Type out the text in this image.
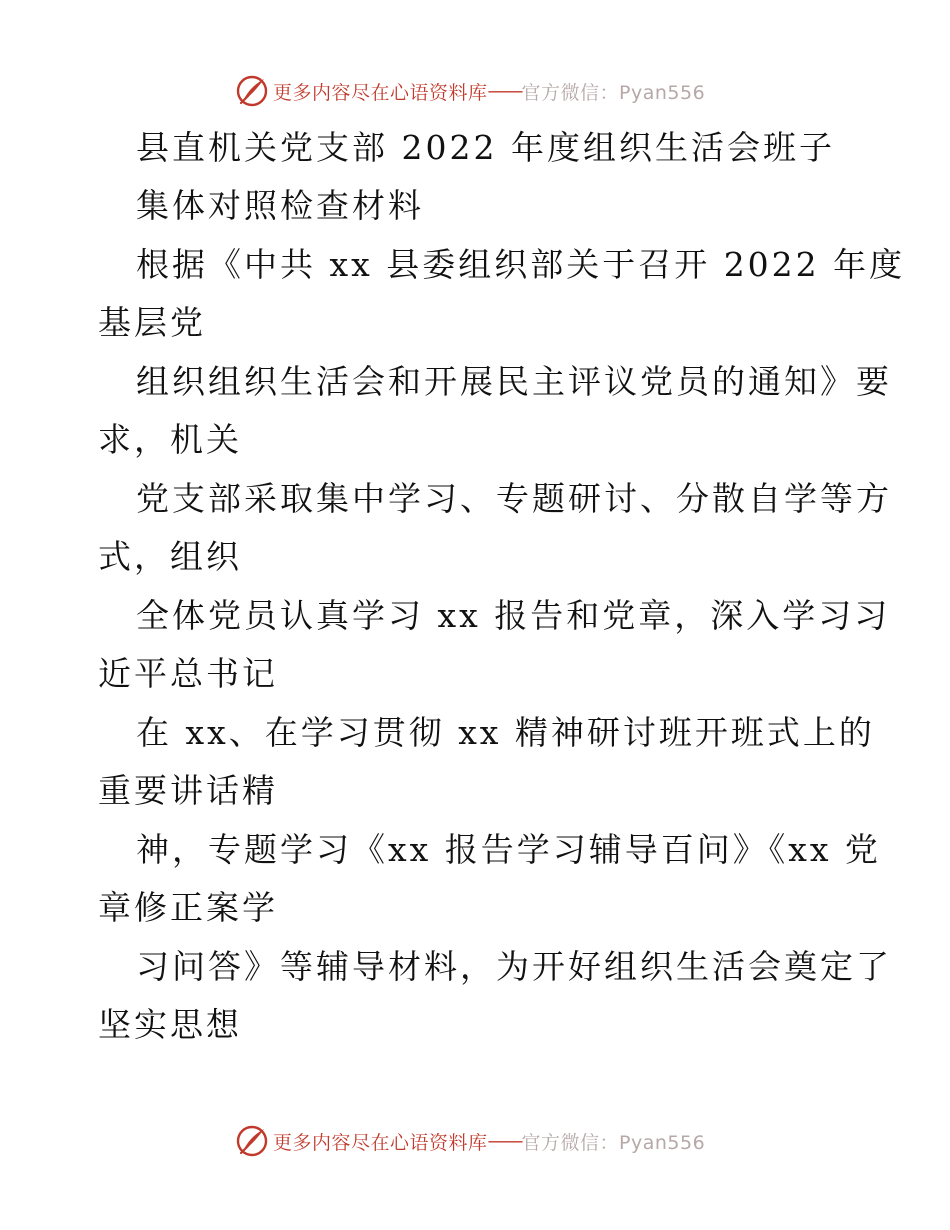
更多内容尽在心语资料库 —— 官方微信：Pyan556
县直机关党支部 2022 年度组织生活会班子
集体对照检查材料
根据《中共 xx 县委组织部关于召开 2022 年度
基层党
组织组织生活会和开展民主评议党员的通知》要
求，机关
党支部采取集中学习、专题研讨、分散自学等方
式，组织
全体党员认真学习 xx 报告和党章，深入学习习
近平总书记
在 xx、在学习贯彻 xx 精神研讨班开班式上的
重要讲话精
神，专题学习《xx 报告学习辅导百问》《xx 党
章修正案学
习问答》等辅导材料，为开好组织生活会奠定了
坚实思想
更多内容尽在心语资料库 —— 官方微信：Pyan556
